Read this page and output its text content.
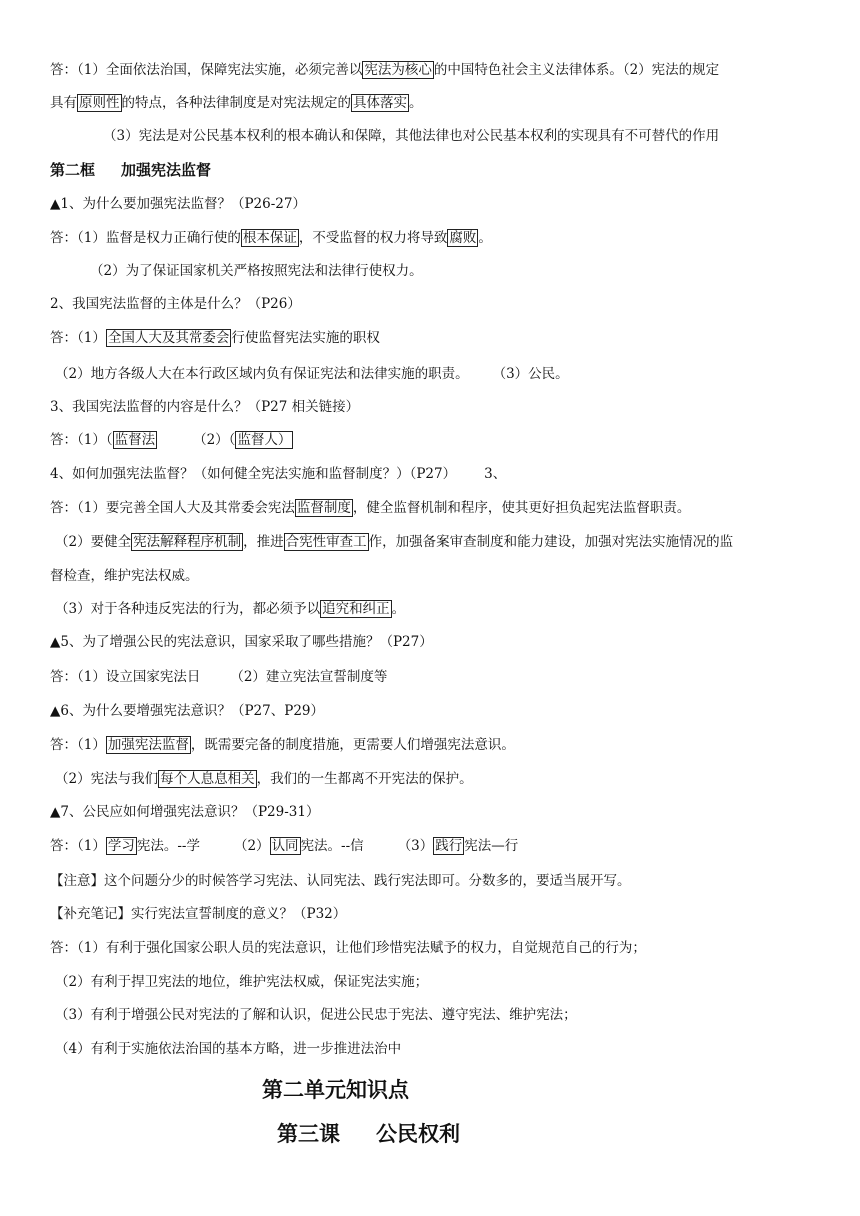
答：（1）全面依法治国，保障宪法实施，必须完善以 宪法为核心 的中国特色社会主义法律体系。（2）宪法的规定
具有 原则性 的特点，各种法律制度是对宪法规定的 具体落实 。
（3）宪法是对公民基本权利的根本确认和保障，其他法律也对公民基本权利的实现具有不可替代的作用
第二框 加强宪法监督
▲1、为什么要加强宪法监督？（P26-27）
答：（1）监督是权力正确行使的 根本保证 ，不受监督的权力将导致 腐败 。
（2）为了保证国家机关严格按照宪法和法律行使权力。
2、我国宪法监督的主体是什么？（P26）
答：（1） 全国人大及其常委会 行使监督宪法实施的职权
（2）地方各级人大在本行政区域内负有保证宪法和法律实施的职责。 （3）公民。
3、我国宪法监督的内容是什么？（P27 相关链接）
答：（1）（ 监督法	（2）（ 监督人）
4、如何加强宪法监督？（如何健全宪法实施和监督制度？）（P27） 3、
答：（1）要完善全国人大及其常委会宪法 监督制度 ，健全监督机制和程序，使其更好担负起宪法监督职责。
（2）要健全 宪法解释程序机制 ，推进 合宪性审查工 作，加强备案审查制度和能力建设，加强对宪法实施情况的监
督检查，维护宪法权威。
（3）对于各种违反宪法的行为，都必须予以 追究和纠正 。
▲5、为了增强公民的宪法意识，国家采取了哪些措施？（P27）
答：（1）设立国家宪法日 （2）建立宪法宣誓制度等
▲6、为什么要增强宪法意识？（P27、P29）
答：（1） 加强宪法监督 ，既需要完备的制度措施，更需要人们增强宪法意识。
（2）宪法与我们 每个人息息相关 ，我们的一生都离不开宪法的保护。
▲7、公民应如何增强宪法意识？（P29-31）
答：（1） 学习 宪法。--学	（2） 认同 宪法。--信	（3） 践行 宪法—行
【注意】这个问题分少的时候答学习宪法、认同宪法、践行宪法即可。分数多的，要适当展开写。
【补充笔记】实行宪法宣誓制度的意义？（P32）
答：（1）有利于强化国家公职人员的宪法意识，让他们珍惜宪法赋予的权力，自觉规范自己的行为；
（2）有利于捍卫宪法的地位，维护宪法权威，保证宪法实施；
（3）有利于增强公民对宪法的了解和认识，促进公民忠于宪法、遵守宪法、维护宪法；
（4）有利于实施依法治国的基本方略，进一步推进法治中
第二单元知识点
第三课 公民权利
